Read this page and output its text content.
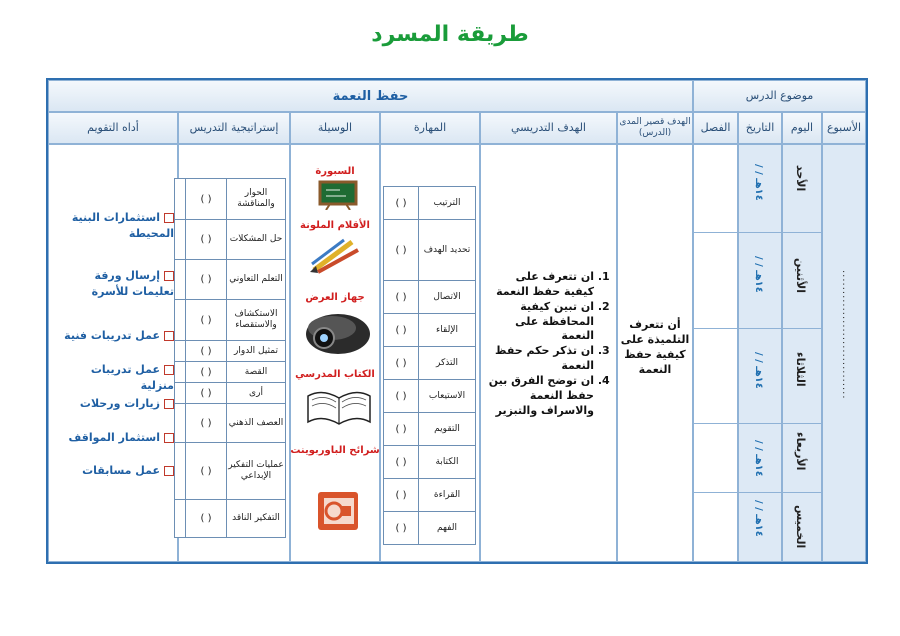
طريقة المسرد
موضوع الدرس
حفظ النعمة
الأسبوع
اليوم
التاريخ
الفصل
الهدف قصير المدى (الدرس)
الهدف التدريسي
المهارة
الوسيلة
إستراتيجية التدريس
أداه التقويم
...............................
الأحد
الأثنين
الثلاثاء
الأربعاء
الخميس
/ / ١٤هـ
/ / ١٤هـ
/ / ١٤هـ
/ / ١٤هـ
/ / ١٤هـ
أن تتعرف التلميذة على كيفية حفظ النعمة
1. ان تتعرف على كيفية حفظ النعمة
2. ان تبين كيفية المحافظة على النعمة
3. ان تذكر حكم حفظ النعمة
4. ان توضح الفرق بين حفظ النعمة والاسراف والتبزير
الترتيب
( )
تحديد الهدف
( )
الاتصال
( )
الإلقاء
( )
التذكر
( )
الاستيعاب
( )
التقويم
( )
الكتابة
( )
القراءة
( )
الفهم
( )
السبورة
الأقلام الملونة
جهاز العرض
الكتاب المدرسي
شرائح الباوربوينت
الحوار والمناقشة
( )
حل المشكلات
( )
التعلم التعاوني
( )
الاستكشاف والاستقصاء
( )
تمثيل الدوار
( )
القصة
( )
أرى
( )
العصف الذهني
( )
عمليات التفكير الإبداعي
( )
التفكير الناقد
( )
استثمارات البنية المحيطة
إرسال ورقة تعليمات للأسرة
عمل تدريبات فنية
عمل تدريبات منزلية
زيارات ورحلات
استثمار المواقف
عمل مسابقات
